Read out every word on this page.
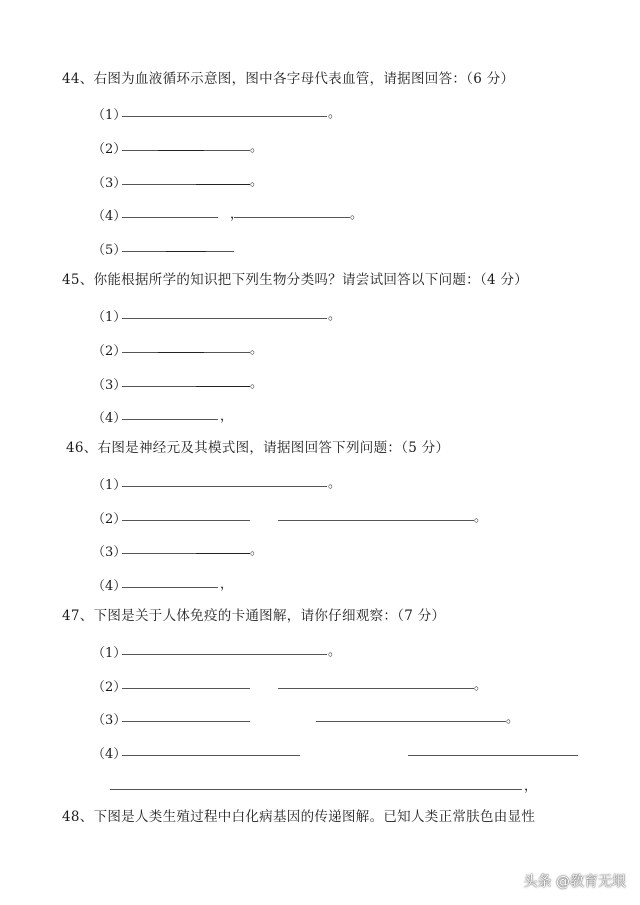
44、右图为血液循环示意图，图中各字母代表血管，请据图回答：（6 分）
（1）	。
（2）	。
（3）	。
（4）	，	。
（5）
45、你能根据所学的知识把下列生物分类吗？请尝试回答以下问题：（4 分）
（1）	。
（2）	。
（3）	。
（4）	，
46、右图是神经元及其模式图，请据图回答下列问题：（5 分）
（1）	。
（2）	。
（3）	。
（4）	，
47、下图是关于人体免疫的卡通图解，请你仔细观察：（7 分）
（1）	。
（2）	。
（3）	。
（4）
，
48、下图是人类生殖过程中白化病基因的传递图解。已知人类正常肤色由显性
头条 @教育无垠
